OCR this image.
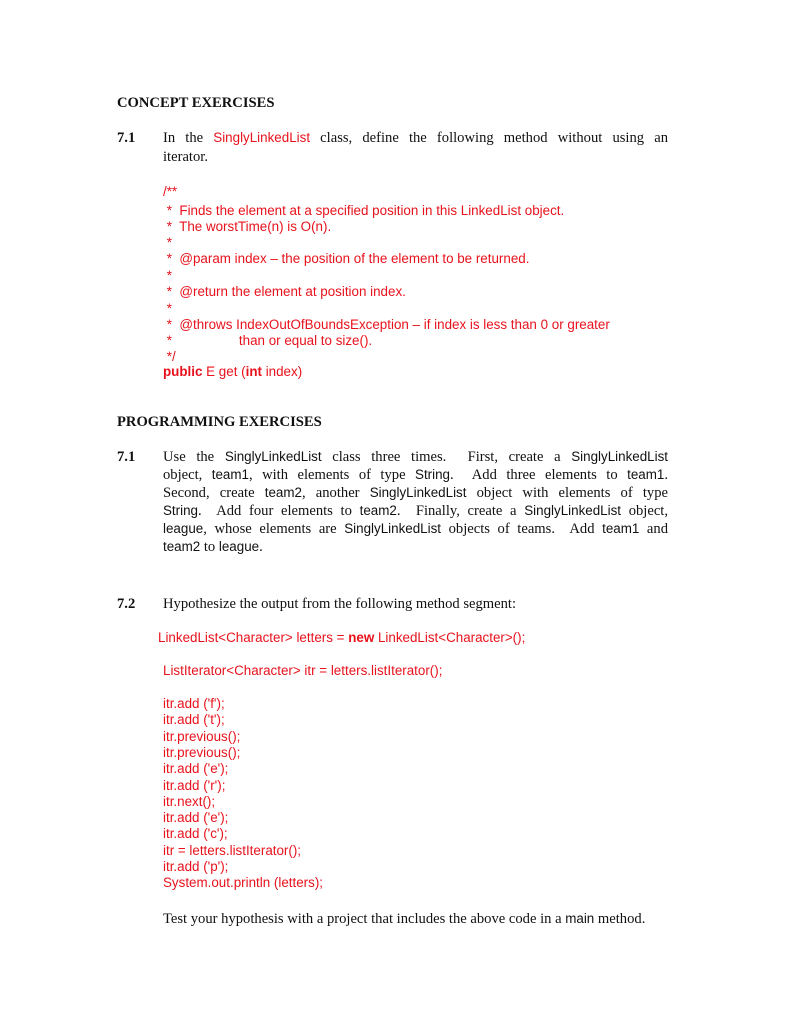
CONCEPT EXERCISES
7.1
PROGRAMMING EXERCISES
7.1
7.2 Hypothesize the output from the following method segment:
In the SinglyLinkedList class, define the following method without using an
iterator.
/**
*  Finds the element at a specified position in this LinkedList object.
*  The worstTime(n) is O(n).
*
*  @param index – the position of the element to be returned.
*
*  @return the element at position index.
*
*  @throws IndexOutOfBoundsException – if index is less than 0 or greater
*                  than or equal to size().
*/
public E get (int index)
Use the SinglyLinkedList class three times.  First, create a SinglyLinkedList
object, team1, with elements of type String.  Add three elements to team1.
Second, create team2, another SinglyLinkedList object with elements of type
String.  Add four elements to team2.  Finally, create a SinglyLinkedList object,
league, whose elements are SinglyLinkedList objects of teams.  Add team1 and
team2 to league.
LinkedList<Character> letters = new LinkedList<Character>();
ListIterator<Character> itr = letters.listIterator();
itr.add ('f');
itr.add ('t');
itr.previous();
itr.previous();
itr.add ('e');
itr.add ('r');
itr.next();
itr.add ('e');
itr.add ('c');
itr = letters.listIterator();
itr.add ('p');
System.out.println (letters);
Test your hypothesis with a project that includes the above code in a main method.
